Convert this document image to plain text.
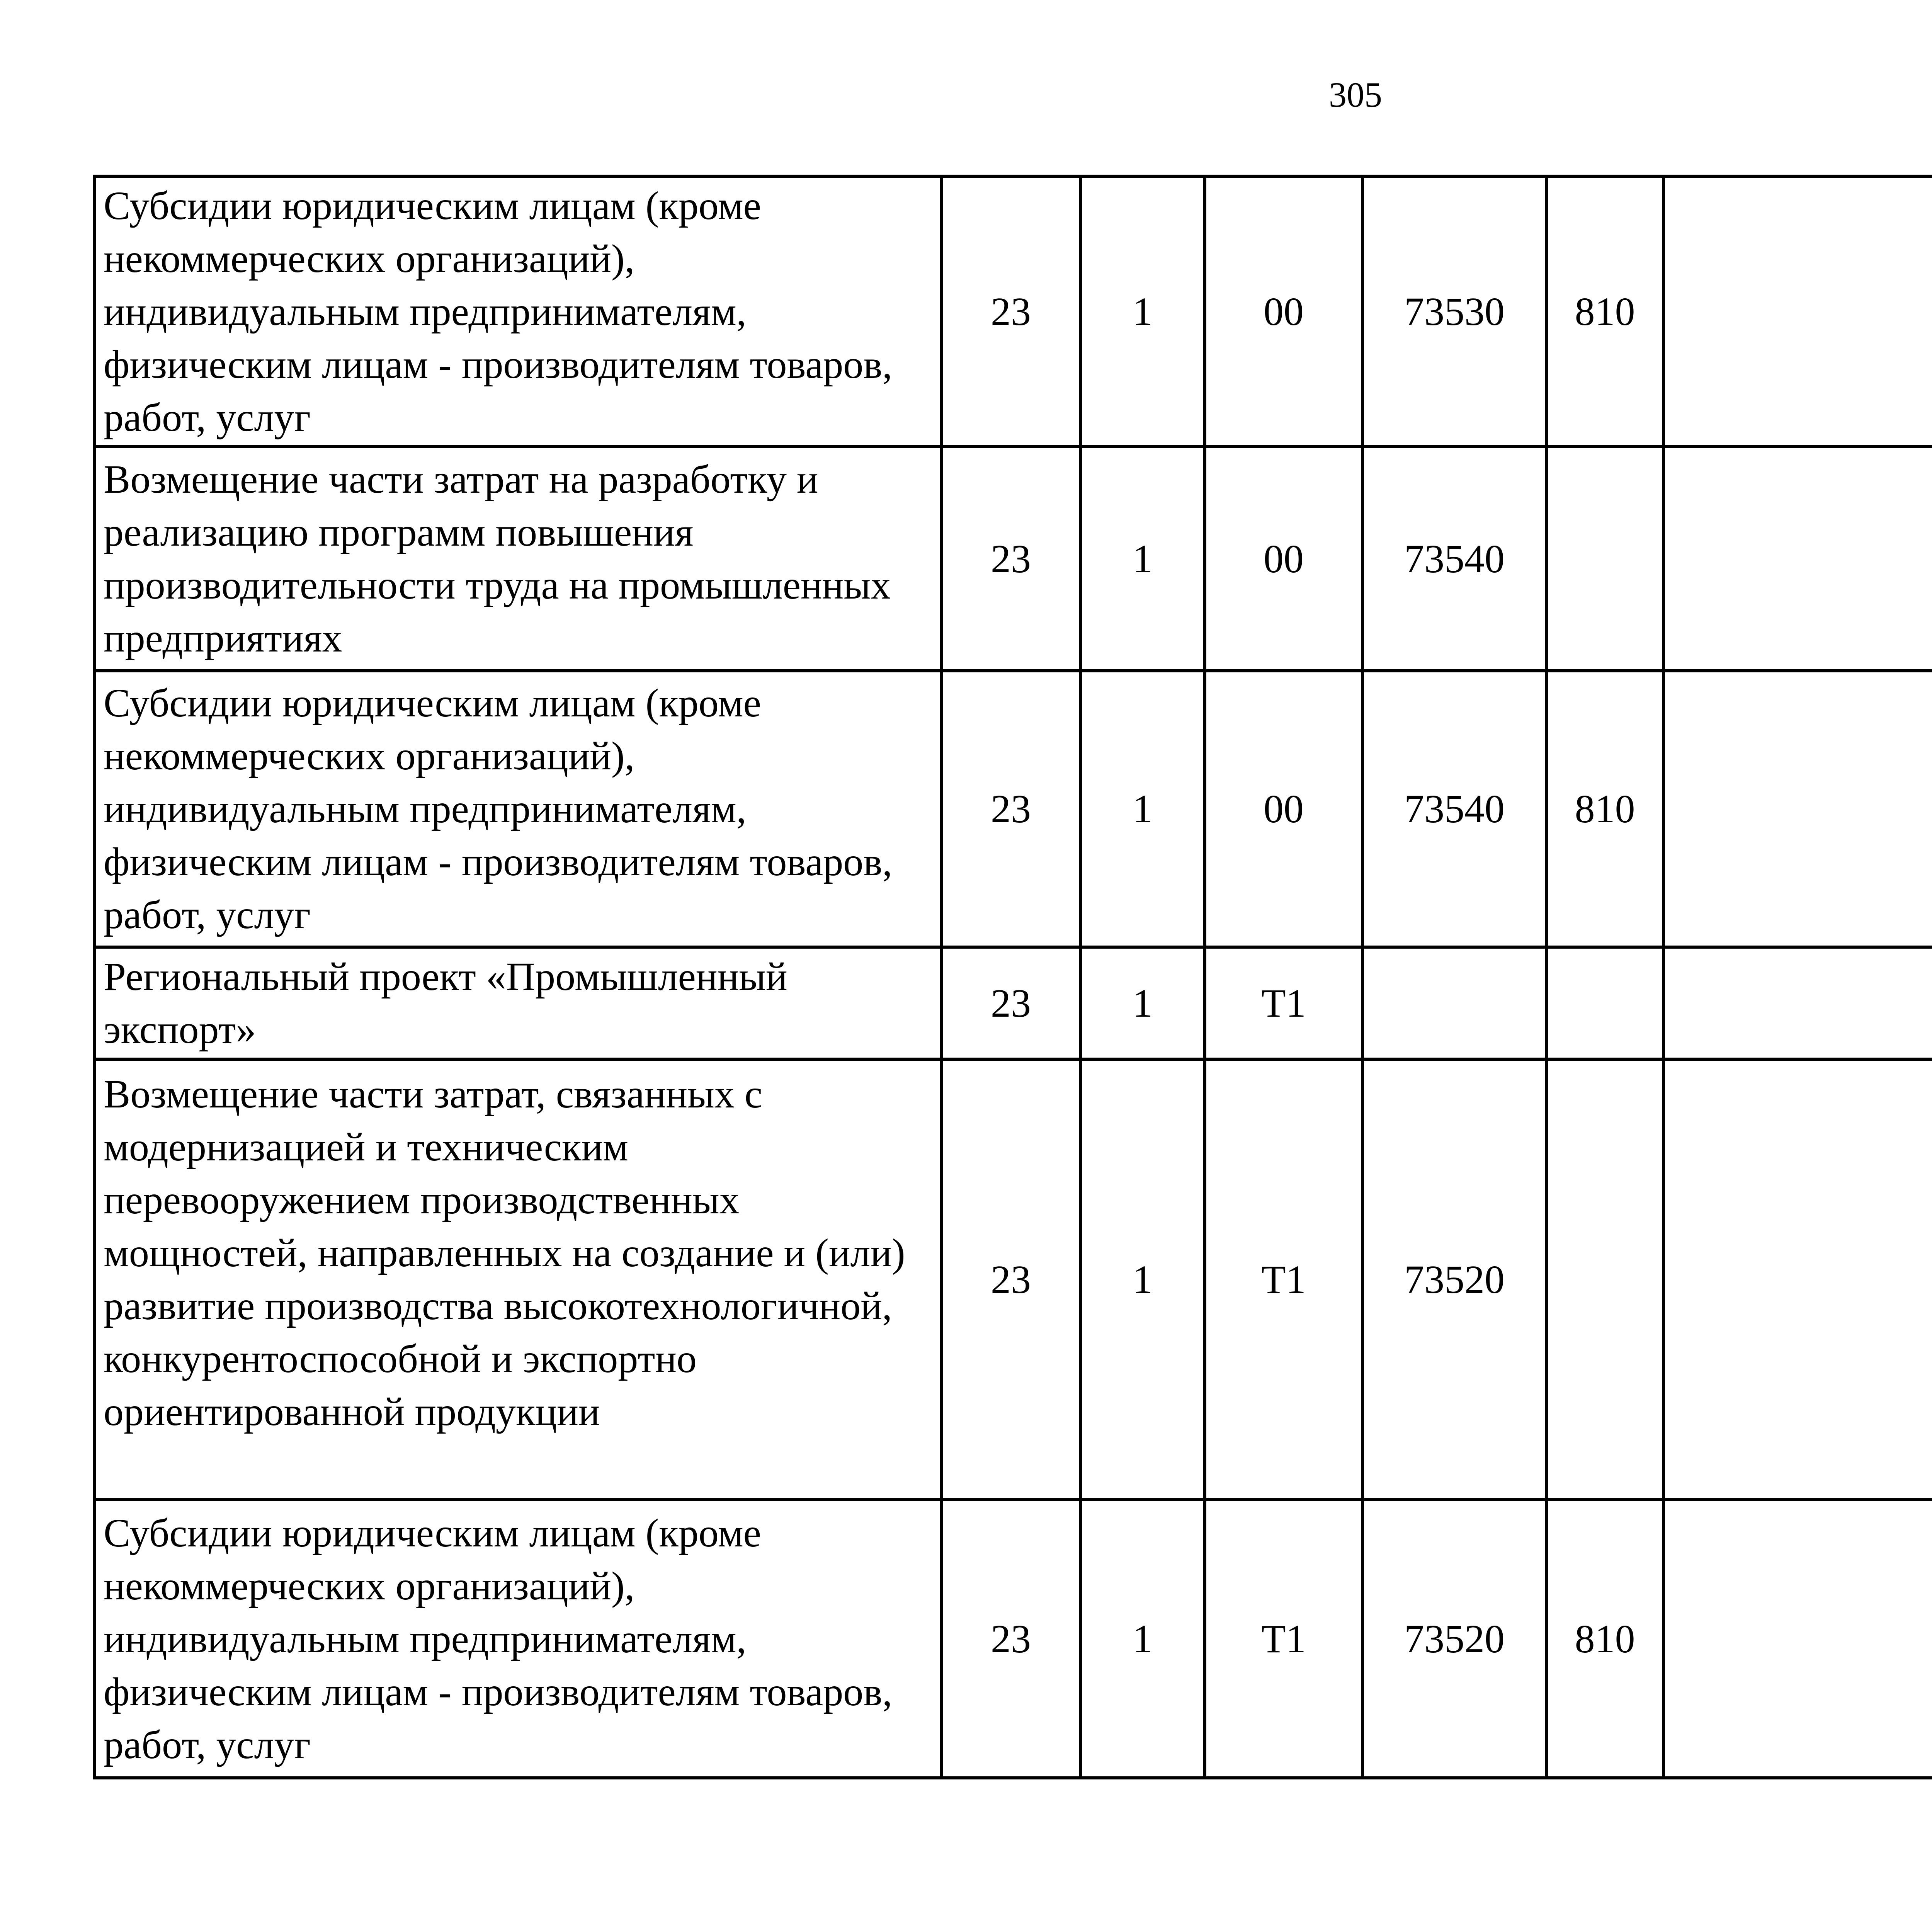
305
Субсидии юридическим лицам (кроме некоммерческих организаций), индивидуальным предпринимателям, физическим лицам - производителям товаров, работ, услуг	23	1	00	73530	810			
Возмещение части затрат на разработку и реализацию программ повышения производительности труда на промышленных предприятиях	23	1	00	73540				
Субсидии юридическим лицам (кроме некоммерческих организаций), индивидуальным предпринимателям, физическим лицам - производителям товаров, работ, услуг	23	1	00	73540	810			
Региональный проект «Промышленный экспорт»	23	1	Т1					
Возмещение части затрат, связанных с модернизацией и техническим перевооружением производственных мощностей, направленных на создание и (или) развитие производства высокотехнологичной, конкурентоспособной и экспортно ориентированной продукции	23	1	Т1	73520				
Субсидии юридическим лицам (кроме некоммерческих организаций), индивидуальным предпринимателям, физическим лицам - производителям товаров, работ, услуг	23	1	Т1	73520	810			
